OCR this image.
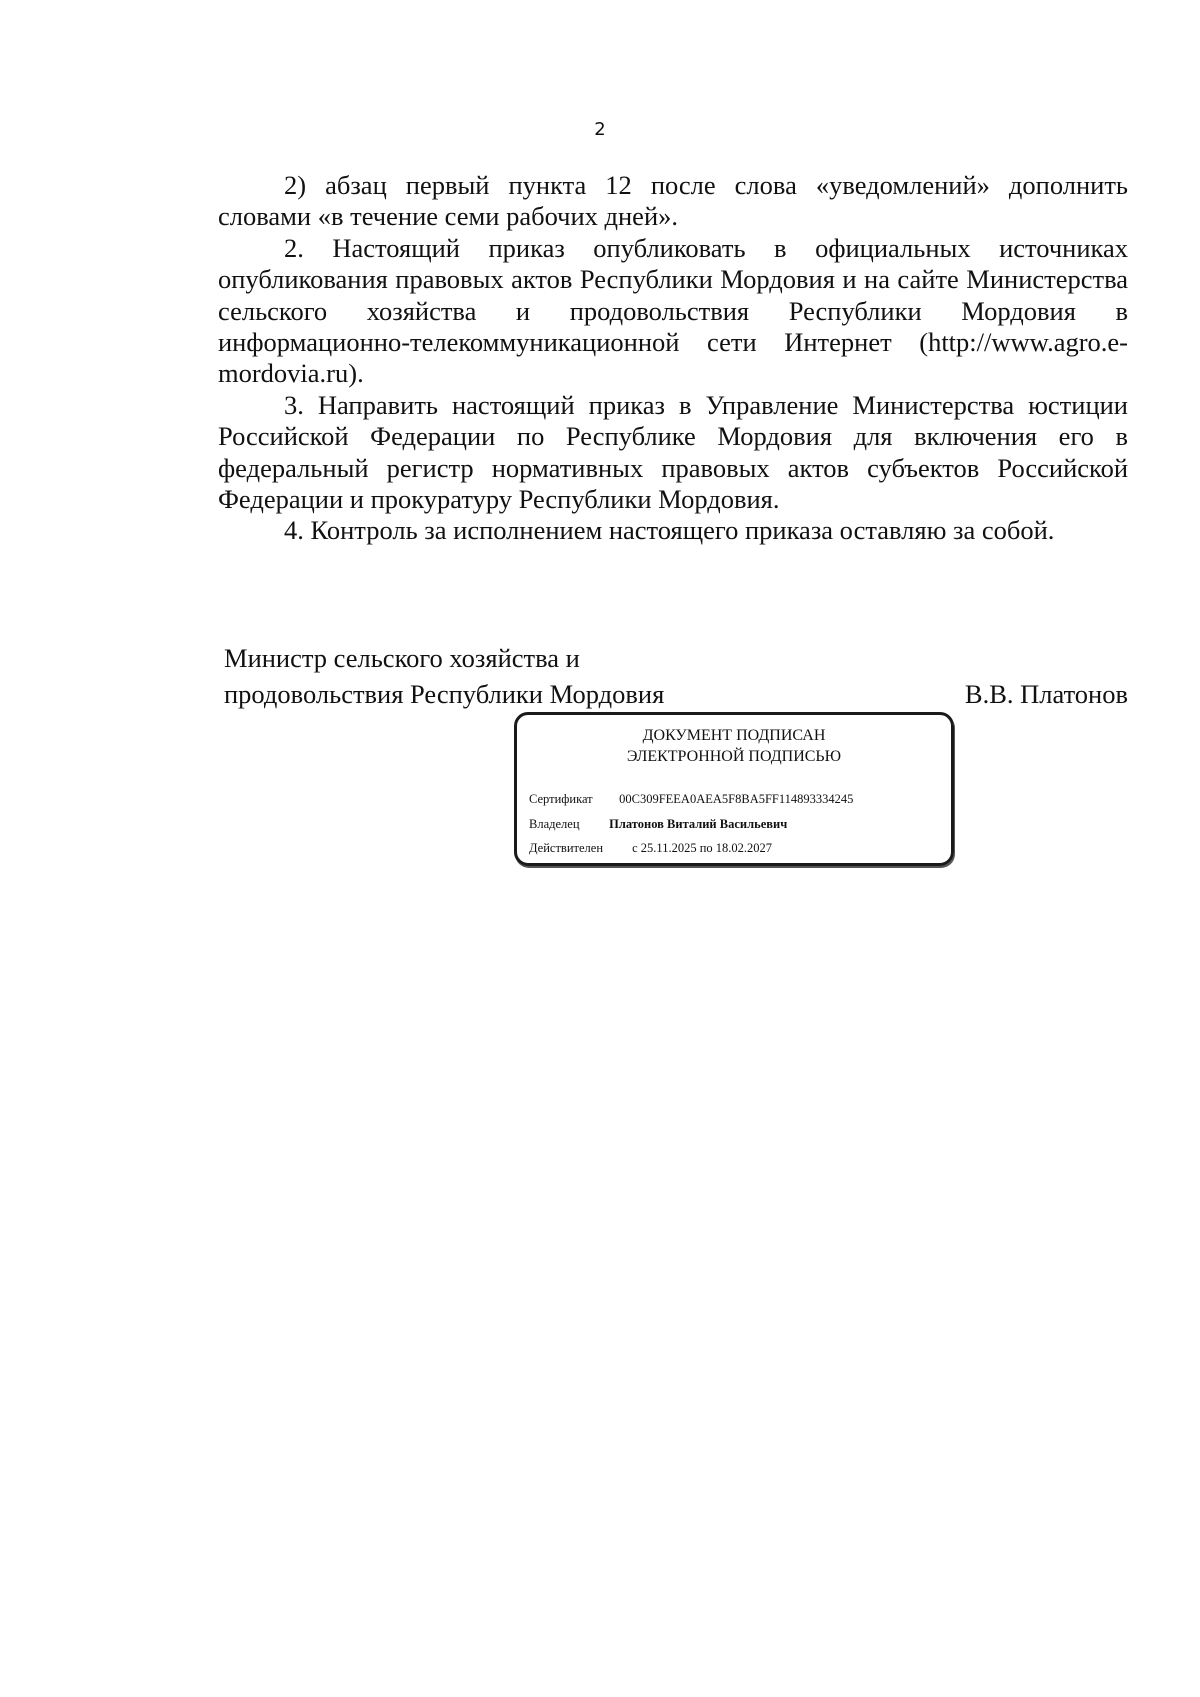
2

2) абзац первый пункта 12 после слова «уведомлений» дополнить словами «в течение семи рабочих дней».

2. Настоящий приказ опубликовать в официальных источниках опубликования правовых актов Республики Мордовия и на сайте Министерства сельского хозяйства и продовольствия Республики Мордовия в информационно-телекоммуникационной сети Интернет (http://www.agro.e-mordovia.ru).

3. Направить настоящий приказ в Управление Министерства юстиции Российской Федерации по Республике Мордовия для включения его в федеральный регистр нормативных правовых актов субъектов Российской Федерации и прокуратуру Республики Мордовия.

4. Контроль за исполнением настоящего приказа оставляю за собой.

Министр сельского хозяйства и
продовольствия Республики Мордовия	В.В. Платонов
ДОКУМЕНТ ПОДПИСАН
ЭЛЕКТРОННОЙ ПОДПИСЬЮ
Сертификат 00C309FEEA0AEA5F8BA5FF114893334245
Владелец Платонов Виталий Васильевич
Действителен с 25.11.2025 по 18.02.2027
